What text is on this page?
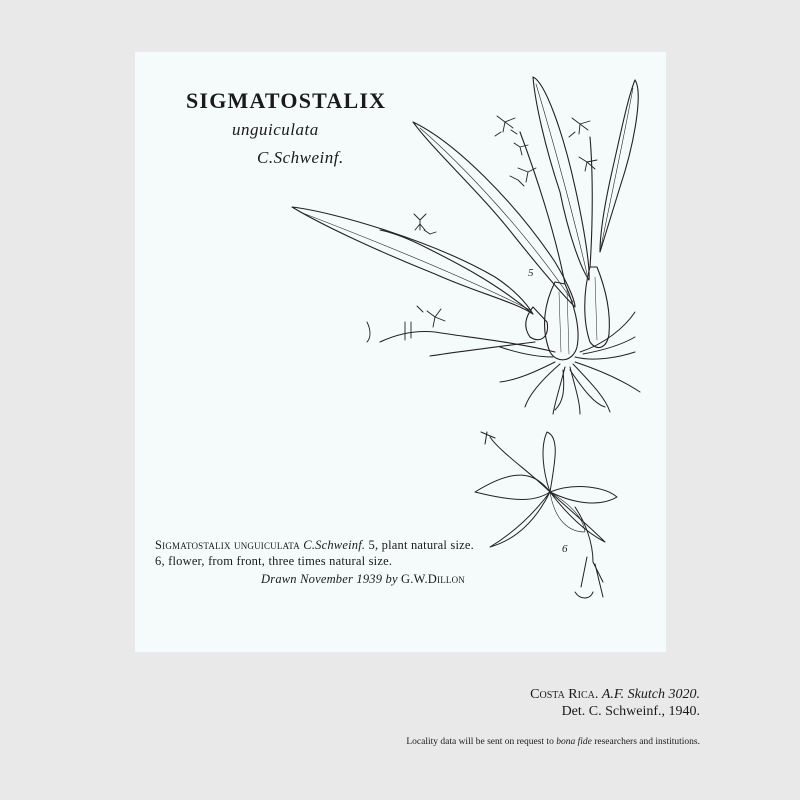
SIGMATOSTALIX
unguiculata
C.Schweinf.
5
6
Sigmatostalix unguiculata C.Schweinf. 5, plant natural size. 6, flower, from front, three times natural size.
Drawn November 1939 by G.W.Dillon
Costa Rica. A.F. Skutch 3020.
Det. C. Schweinf., 1940.
Locality data will be sent on request to bona fide researchers and institutions.
